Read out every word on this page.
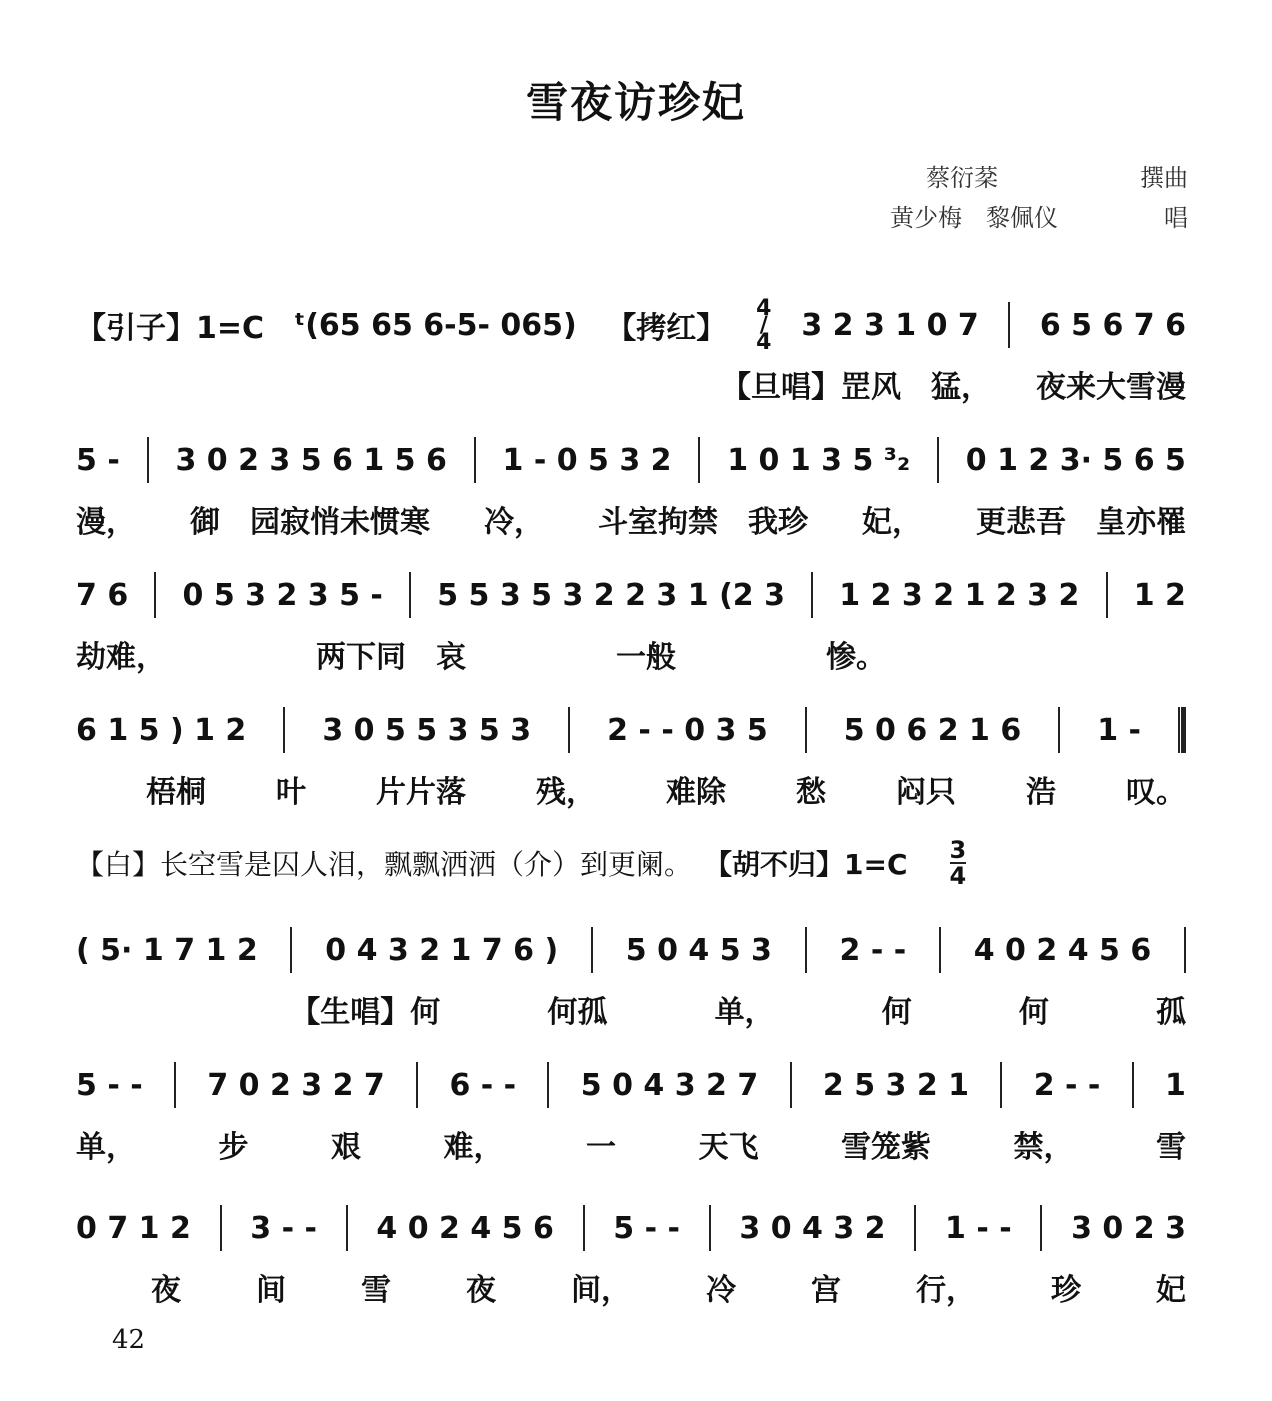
雪夜访珍妃
蔡衍棻	撰曲
黄少梅　黎佩仪	唱
【引子】1=C ᵗ(65 65 6-5- 065) 【拷红】
4/4 3 2 3 1 0 7 6 5 6 7 6
【旦唱】罡风　猛，　　夜来大雪漫
5 - 3 0 2 3 5 6 1 5 6 1 - 0 5 3 2 1 0 1 3 5 ³₂ 0 1 2 3· 5 6 5
漫， 御　园寂悄未惯寒 冷， 斗室拘禁　我珍 妃， 更悲吾　皇亦罹
7 6 0 5 3 2 3 5 - 5 5 3 5 3 2 2 3 1 (2 3 1 2 3 2 1 2 3 2 1 2
劫难，	两下同　哀	一般	惨。
6 1 5 ) 1 2	3 0 5 5 3 5 3	2 - - 0 3 5	5 0 6 2 1 6	1 -
梧桐 叶 片片落 残， 难除 愁 闷只 浩 叹。
( 5· 1 7 1 2 0 4 3 2 1 7 6 ) 5 0 4 5 3 2 - - 4 0 2 4 5 6
【生唱】何	何孤	单，	何	何	孤
5 - - 7 0 2 3 2 7 6 - - 5 0 4 3 2 7 2 5 3 2 1 2 - - 1
单，	步	艰	难，	一	天飞	雪笼紫	禁，	雪
0 7 1 2 3 - - 4 0 2 4 5 6 5 - - 3 0 4 3 2 1 - - 3 0 2 3
夜	间	雪	夜	间，	冷	宫	行，	珍	妃
【白】长空雪是囚人泪，飘飘洒洒（介）到更阑。 【胡不归】1=C 3
4
42
